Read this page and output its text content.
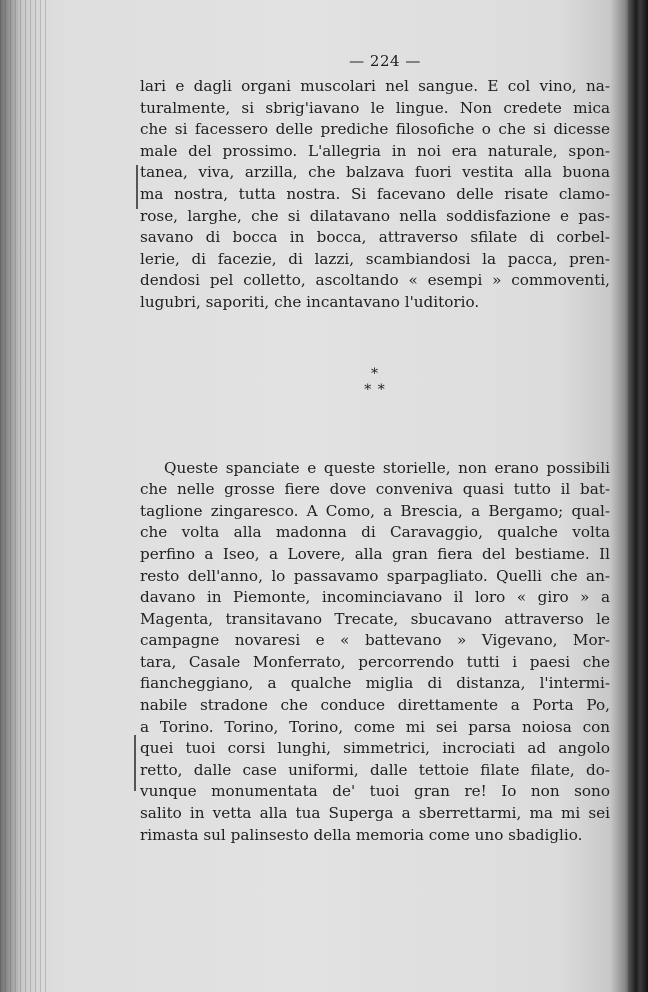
— 224 —

lari e dagli organi muscolari nel sangue. E col vino, na-
turalmente, si sbrig'iavano le lingue. Non credete mica
che si facessero delle prediche filosofiche o che si dicesse
male del prossimo. L'allegria in noi era naturale, spon-
tanea, viva, arzilla, che balzava fuori vestita alla buona
ma nostra, tutta nostra. Si facevano delle risate clamo-
rose, larghe, che si dilatavano nella soddisfazione e pas-
savano di bocca in bocca, attraverso sfilate di corbel-
lerie, di facezie, di lazzi, scambiandosi la pacca, pren-
dendosi pel colletto, ascoltando « esempi » commoventi,
lugubri, saporiti, che incantavano l'uditorio.

*
* *

Queste spanciate e queste storielle, non erano possibili
che nelle grosse fiere dove conveniva quasi tutto il bat-
taglione zingaresco. A Como, a Brescia, a Bergamo; qual-
che volta alla madonna di Caravaggio, qualche volta
perfino a Iseo, a Lovere, alla gran fiera del bestiame. Il
resto dell'anno, lo passavamo sparpagliato. Quelli che an-
davano in Piemonte, incominciavano il loro « giro » a
Magenta, transitavano Trecate, sbucavano attraverso le
campagne novaresi e « battevano » Vigevano, Mor-
tara, Casale Monferrato, percorrendo tutti i paesi che
fiancheggiano, a qualche miglia di distanza, l'intermi-
nabile stradone che conduce direttamente a Porta Po,
a Torino. Torino, Torino, come mi sei parsa noiosa con
quei tuoi corsi lunghi, simmetrici, incrociati ad angolo
retto, dalle case uniformi, dalle tettoie filate filate, do-
vunque monumentata de' tuoi gran re! Io non sono
salito in vetta alla tua Superga a sberrettarmi, ma mi sei
rimasta sul palinsesto della memoria come uno sbadiglio.
